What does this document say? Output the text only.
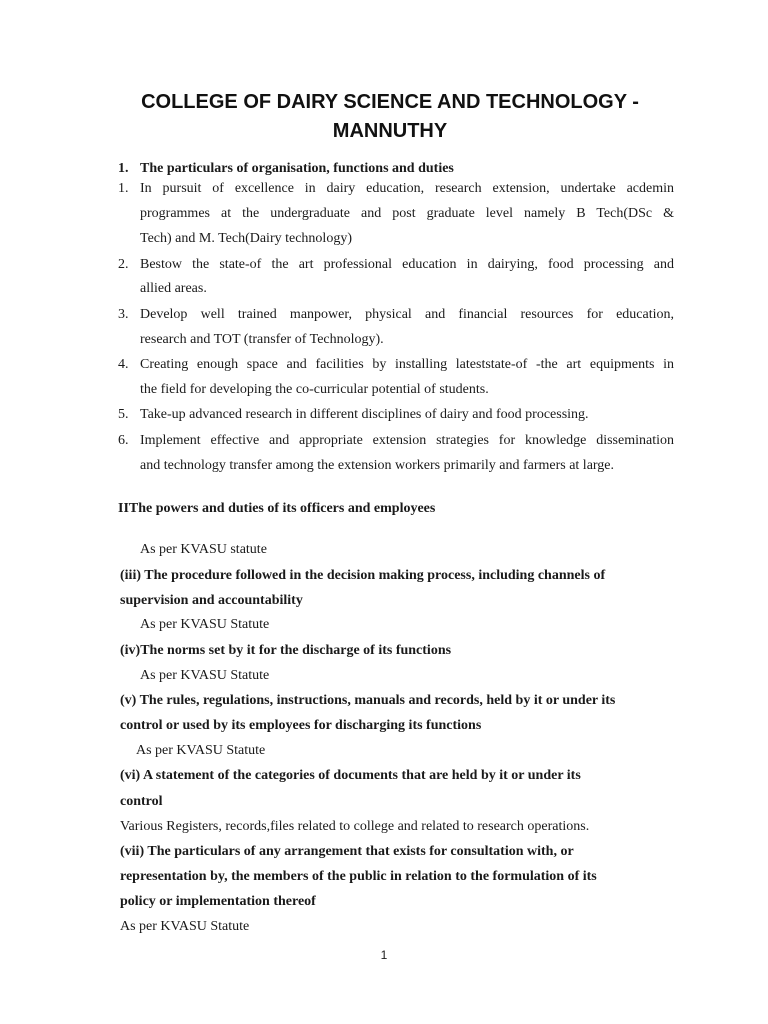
COLLEGE OF DAIRY SCIENCE AND TECHNOLOGY -
MANNUTHY
1. The particulars of organisation, functions and duties
1. In pursuit of excellence in dairy education, research extension, undertake acdemin
programmes at the undergraduate and post graduate level namely B Tech(DSc &
Tech) and M. Tech(Dairy technology)
2. Bestow the state-of the art professional education in dairying, food processing and
allied areas.
3. Develop well trained manpower, physical and financial resources for education,
research and TOT (transfer of Technology).
4. Creating enough space and facilities by installing lateststate-of -the art equipments in
the field for developing the co-curricular potential of students.
5. Take-up advanced research in different disciplines of dairy and food processing.
6. Implement effective and appropriate extension strategies for knowledge dissemination
and technology transfer among the extension workers primarily and farmers at large.
IIThe powers and duties of its officers and employees
As per KVASU statute
(iii) The procedure followed in the decision making process, including channels of
supervision and accountability
As per KVASU Statute
(iv)The norms set by it for the discharge of its functions
As per KVASU Statute
(v) The rules, regulations, instructions, manuals and records, held by it or under its
control or used by its employees for discharging its functions
As per KVASU Statute
(vi) A statement of the categories of documents that are held by it or under its
control
Various Registers, records,files related to college and related to research operations.
(vii) The particulars of any arrangement that exists for consultation with, or
representation by, the members of the public in relation to the formulation of its
policy or implementation thereof
As per KVASU Statute
1
